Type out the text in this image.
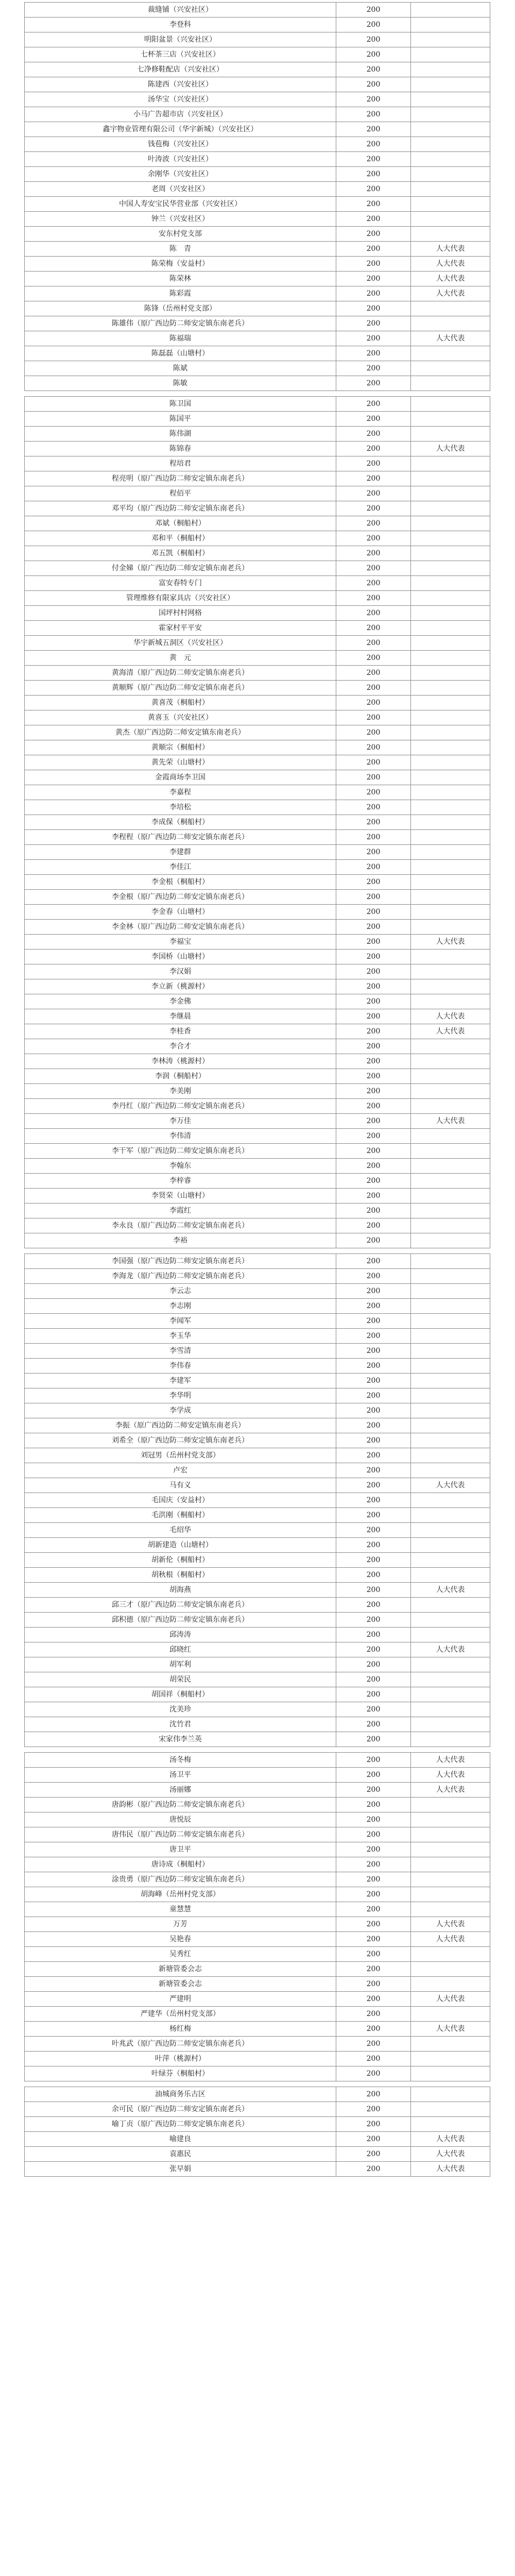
裁缝铺（兴安社区）	200	
李登科	200	
明阳盆景（兴安社区）	200	
七杯茶三店（兴安社区）	200	
七净修鞋配店（兴安社区）	200	
陈建西（兴安社区）	200	
汤华宝（兴安社区）	200	
小马广告超市店（兴安社区）	200	
鑫宇物业管理有限公司（华宇新城）（兴安社区）	200	
钱苞梅（兴安社区）	200	
叶涛波（兴安社区）	200	
余刚华（兴安社区）	200	
老周（兴安社区）	200	
中国人寿安宝民华营业部（兴安社区）	200	
钟兰（兴安社区）	200	
安东村党支部	200	
陈　青	200	人大代表
陈荣梅（安益村）	200	人大代表
陈荣林	200	人大代表
陈彩霞	200	人大代表
陈锋（岳州村党支部）	200	
陈雄伟（原广西边防二师安定镇东南老兵）	200	
陈福瑞	200	人大代表
陈磊磊（山塘村）	200	
陈斌	200	
陈敏	200	

陈卫国	200	
陈国平	200	
陈伟湖	200	
陈锦春	200	人大代表
程培君	200	
程亮明（原广西边防二师安定镇东南老兵）	200	
程佰平	200	
邓平均（原广西边防二师安定镇东南老兵）	200	
邓斌（桐船村）	200	
邓和平（桐船村）	200	
邓五凯（桐船村）	200	
付金娣（原广西边防二师安定镇东南老兵）	200	
富安春特专门	200	
管理维修有限家具店（兴安社区）	200	
国坪村村网格	200	
霍家村平平安	200	
华宇新城五洞区（兴安社区）	200	
黄　元	200	
黄海清（原广西边防二师安定镇东南老兵）	200	
黄顺辉（原广西边防二师安定镇东南老兵）	200	
黄喜茂（桐船村）	200	
黄喜玉（兴安社区）	200	
黄杰（原广西边防二师安定镇东南老兵）	200	
黄顺宗（桐船村）	200	
黄先荣（山塘村）	200	
金霞商场李卫国	200	
李嘉程	200	
李培松	200	
李成保（桐船村）	200	
李程程（原广西边防二师安定镇东南老兵）	200	
李建群	200	
李佳江	200	
李金根（桐船村）	200	
李金根（原广西边防二师安定镇东南老兵）	200	
李金春（山塘村）	200	
李金林（原广西边防二师安定镇东南老兵）	200	
李福宝	200	人大代表
李国桥（山塘村）	200	
李汉娟	200	
李立新（桃源村）	200	
李金佛	200	
李继晨	200	人大代表
李桂香	200	人大代表
李合才	200	
李林涛（桃源村）	200	
李润（桐船村）	200	
李美刚	200	
李丹红（原广西边防二师安定镇东南老兵）	200	
李万佳	200	人大代表
李伟清	200	
李干军（原广西边防二师安定镇东南老兵）	200	
李翰东	200	
李梓睿	200	
李贤荣（山塘村）	200	
李霞红	200	
李永良（原广西边防二师安定镇东南老兵）	200	
李裕	200	

李国强（原广西边防二师安定镇东南老兵）	200	
李海龙（原广西边防二师安定镇东南老兵）	200	
李云志	200	
李志刚	200	
李闻军	200	
李玉华	200	
李雪清	200	
李伟春	200	
李建军	200	
李华明	200	
李学成	200	
李振（原广西边防二师安定镇东南老兵）	200	
刘希全（原广西边防二师安定镇东南老兵）	200	
刘冠男（岳州村党支部）	200	
卢宏	200	
马有义	200	人大代表
毛国庆（安益村）	200	
毛洪刚（桐船村）	200	
毛绍华	200	
胡新建造（山塘村）	200	
胡新伦（桐船村）	200	
胡秋根（桐船村）	200	
胡海燕	200	人大代表
邱三才（原广西边防二师安定镇东南老兵）	200	
邱积德（原广西边防二师安定镇东南老兵）	200	
邱涛涛	200	
邱晓红	200	人大代表
胡军利	200	
胡荣民	200	
胡国祥（桐船村）	200	
沈美珍	200	
沈竹君	200	
宋家伟李兰英	200	

汤冬梅	200	人大代表
汤卫平	200	人大代表
汤丽娜	200	人大代表
唐韵彬（原广西边防二师安定镇东南老兵）	200	
唐悦辰	200	
唐伟民（原广西边防二师安定镇东南老兵）	200	
唐卫平	200	
唐诗成（桐船村）	200	
涂贵勇（原广西边防二师安定镇东南老兵）	200	
胡海峰（岳州村党支部）	200	
童慧慧	200	
万芳	200	人大代表
吴艳春	200	人大代表
吴秀红	200	
新塘管委会志	200	
新塘管委会志	200	
严建明	200	人大代表
严建华（岳州村党支部）	200	
杨红梅	200	人大代表
叶兆武（原广西边防二师安定镇东南老兵）	200	
叶萍（桃源村）	200	
叶绿芬（桐船村）	200	

油城商务乐古区	200	
余可民（原广西边防二师安定镇东南老兵）	200	
喻丁贞（原广西边防二师安定镇东南老兵）	200	
喻建良	200	人大代表
袁惠民	200	人大代表
张早娟	200	人大代表
